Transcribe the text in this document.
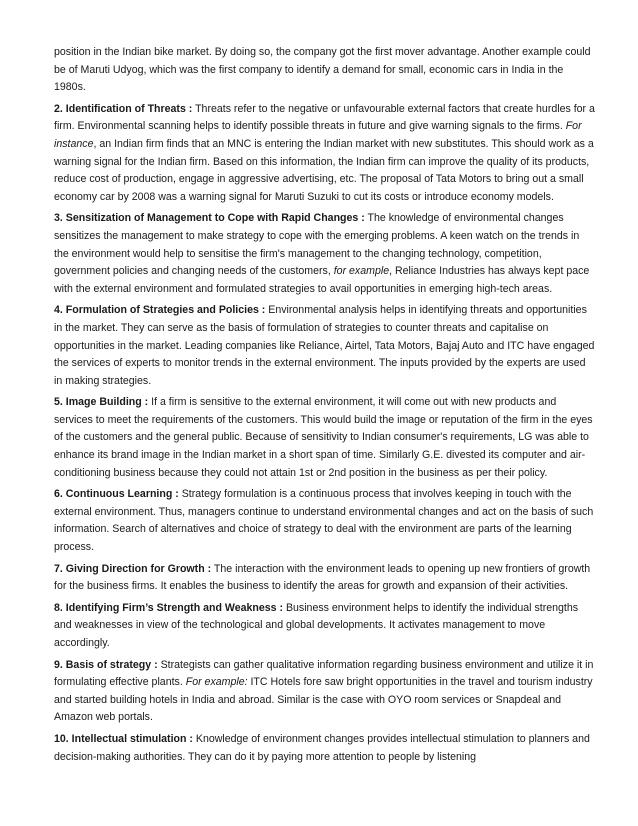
position in the Indian bike market. By doing so, the company got the first mover advantage. Another example could be of Maruti Udyog, which was the first company to identify a demand for small, economic cars in India in the 1980s.

2. Identification of Threats : Threats refer to the negative or unfavourable external factors that create hurdles for a firm. Environmental scanning helps to identify possible threats in future and give warning signals to the firms. For instance, an Indian firm finds that an MNC is entering the Indian market with new substitutes. This should work as a warning signal for the Indian firm. Based on this information, the Indian firm can improve the quality of its products, reduce cost of production, engage in aggressive advertising, etc. The proposal of Tata Motors to bring out a small economy car by 2008 was a warning signal for Maruti Suzuki to cut its costs or introduce economy models.

3. Sensitization of Management to Cope with Rapid Changes : The knowledge of environmental changes sensitizes the management to make strategy to cope with the emerging problems. A keen watch on the trends in the environment would help to sensitise the firm's management to the changing technology, competition, government policies and changing needs of the customers, for example, Reliance Industries has always kept pace with the external environment and formulated strategies to avail opportunities in emerging high-tech areas.

4. Formulation of Strategies and Policies : Environmental analysis helps in identifying threats and opportunities in the market. They can serve as the basis of formulation of strategies to counter threats and capitalise on opportunities in the market. Leading companies like Reliance, Airtel, Tata Motors, Bajaj Auto and ITC have engaged the services of experts to monitor trends in the external environment. The inputs provided by the experts are used in making strategies.

5. Image Building : If a firm is sensitive to the external environment, it will come out with new products and services to meet the requirements of the customers. This would build the image or reputation of the firm in the eyes of the customers and the general public. Because of sensitivity to Indian consumer's requirements, LG was able to enhance its brand image in the Indian market in a short span of time. Similarly G.E. divested its computer and air- conditioning business because they could not attain 1st or 2nd position in the business as per their policy.

6. Continuous Learning : Strategy formulation is a continuous process that involves keeping in touch with the external environment. Thus, managers continue to understand environmental changes and act on the basis of such information. Search of alternatives and choice of strategy to deal with the environment are parts of the learning process.

7. Giving Direction for Growth : The interaction with the environment leads to opening up new frontiers of growth for the business firms. It enables the business to identify the areas for growth and expansion of their activities.

8. Identifying Firm’s Strength and Weakness : Business environment helps to identify the individual strengths and weaknesses in view of the technological and global developments. It activates management to move accordingly.

9. Basis of strategy : Strategists can gather qualitative information regarding business environment and utilize it in formulating effective plants. For example: ITC Hotels fore saw bright opportunities in the travel and tourism industry and started building hotels in India and abroad. Similar is the case with OYO room services or Snapdeal and Amazon web portals.

10. Intellectual stimulation : Knowledge of environment changes provides intellectual stimulation to planners and decision-making authorities. They can do it by paying more attention to people by listening
